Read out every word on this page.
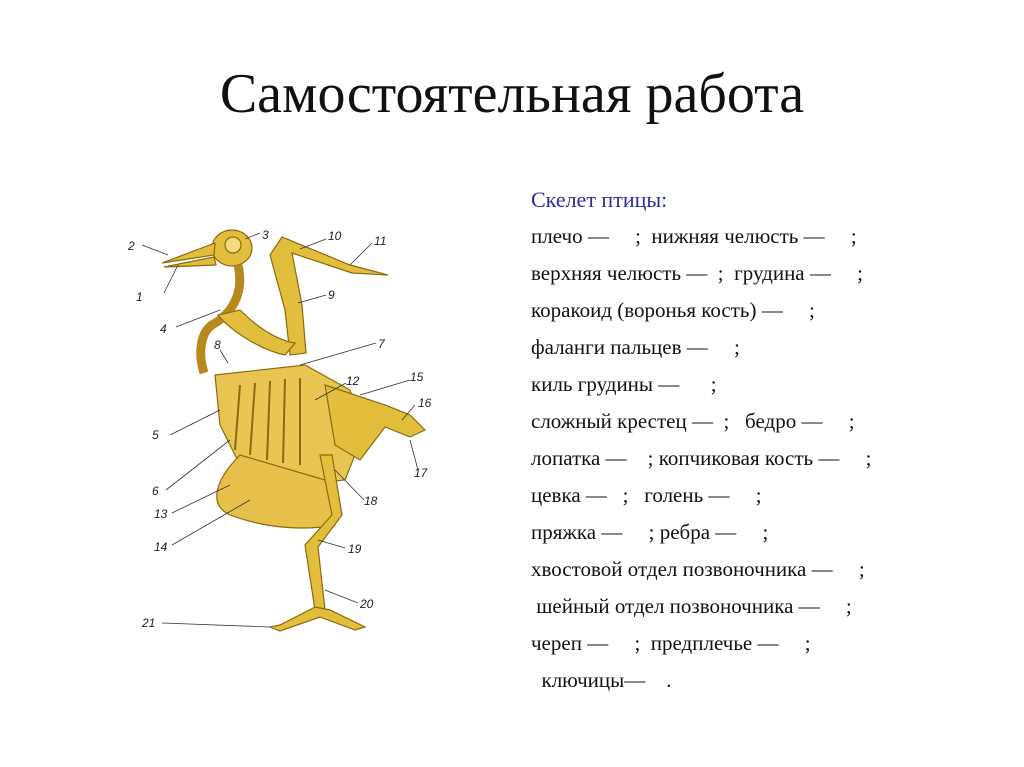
Самостоятельная работа
1
2
3
4
5
6
7
8
9
10	11
12
13
14
15
16
17
18
19
20
21
Скелет птицы:
плечо —     ;  нижняя челюсть —     ;
верхняя челюсть —  ;  грудина —     ;
коракоид (воронья кость) —     ;
фаланги пальцев —     ;
киль грудины —      ;
сложный крестец —  ;   бедро —     ;
лопатка —    ; копчиковая кость —     ;
цевка —   ;   голень —     ;
пряжка —     ; ребра —     ;
хвостовой отдел позвоночника —     ;
шейный отдел позвоночника —     ;
череп —     ;  предплечье —     ;
ключицы—    .
